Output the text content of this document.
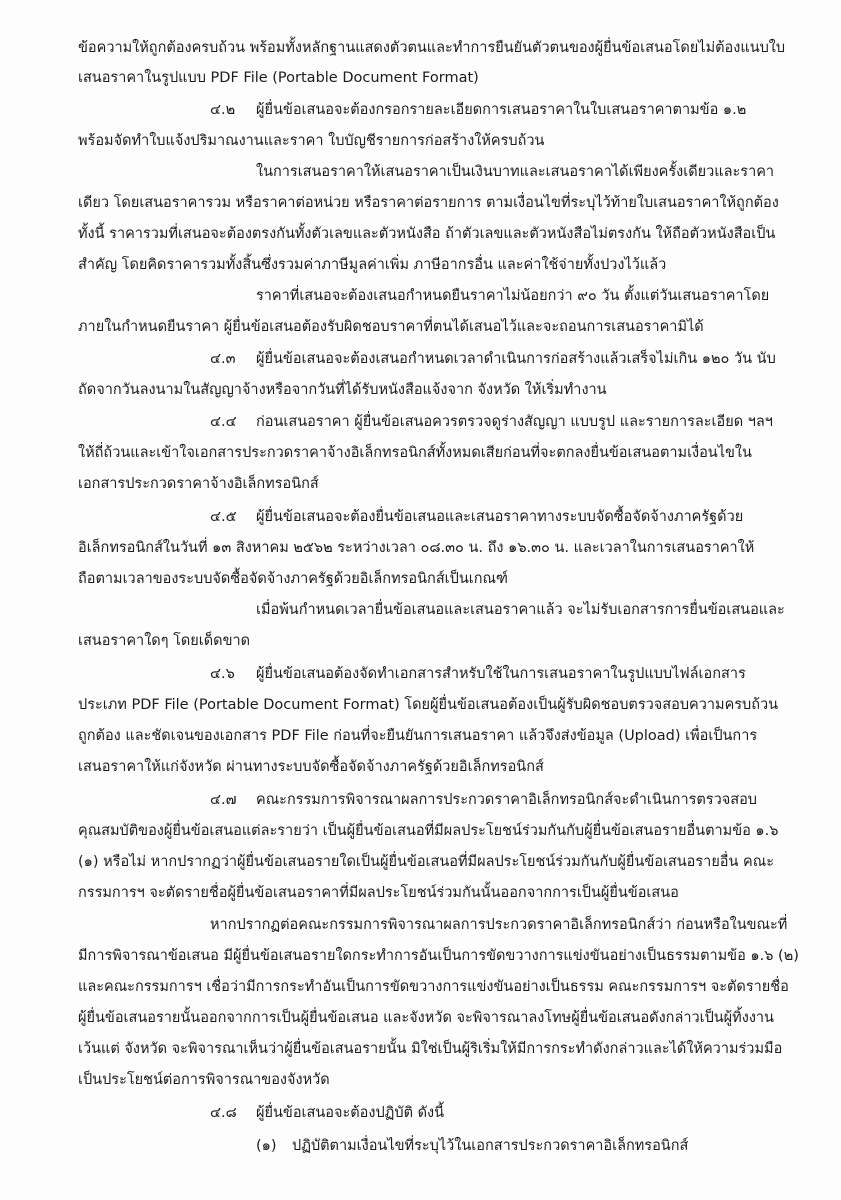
ข้อความให้ถูกต้องครบถ้วน พร้อมทั้งหลักฐานแสดงตัวตนและทำการยืนยันตัวตนของผู้ยื่นข้อเสนอโดยไม่ต้องแนบใบ
เสนอราคาในรูปแบบ PDF File (Portable Document Format)
๔.๒ ผู้ยื่นข้อเสนอจะต้องกรอกรายละเอียดการเสนอราคาในใบเสนอราคาตามข้อ ๑.๒
พร้อมจัดทำใบแจ้งปริมาณงานและราคา ใบบัญชีรายการก่อสร้างให้ครบถ้วน
ในการเสนอราคาให้เสนอราคาเป็นเงินบาทและเสนอราคาได้เพียงครั้งเดียวและราคา
เดียว โดยเสนอราคารวม หรือราคาต่อหน่วย หรือราคาต่อรายการ ตามเงื่อนไขที่ระบุไว้ท้ายใบเสนอราคาให้ถูกต้อง
ทั้งนี้ ราคารวมที่เสนอจะต้องตรงกันทั้งตัวเลขและตัวหนังสือ ถ้าตัวเลขและตัวหนังสือไม่ตรงกัน ให้ถือตัวหนังสือเป็น
สำคัญ โดยคิดราคารวมทั้งสิ้นซึ่งรวมค่าภาษีมูลค่าเพิ่ม ภาษีอากรอื่น และค่าใช้จ่ายทั้งปวงไว้แล้ว
ราคาที่เสนอจะต้องเสนอกำหนดยืนราคาไม่น้อยกว่า ๙๐ วัน ตั้งแต่วันเสนอราคาโดย
ภายในกำหนดยืนราคา ผู้ยื่นข้อเสนอต้องรับผิดชอบราคาที่ตนได้เสนอไว้และจะถอนการเสนอราคามิได้
๔.๓ ผู้ยื่นข้อเสนอจะต้องเสนอกำหนดเวลาดำเนินการก่อสร้างแล้วเสร็จไม่เกิน ๑๒๐ วัน นับ
ถัดจากวันลงนามในสัญญาจ้างหรือจากวันที่ได้รับหนังสือแจ้งจาก จังหวัด ให้เริ่มทำงาน
๔.๔ ก่อนเสนอราคา ผู้ยื่นข้อเสนอควรตรวจดูร่างสัญญา แบบรูป และรายการละเอียด ฯลฯ
ให้ถี่ถ้วนและเข้าใจเอกสารประกวดราคาจ้างอิเล็กทรอนิกส์ทั้งหมดเสียก่อนที่จะตกลงยื่นข้อเสนอตามเงื่อนไขใน
เอกสารประกวดราคาจ้างอิเล็กทรอนิกส์
๔.๕ ผู้ยื่นข้อเสนอจะต้องยื่นข้อเสนอและเสนอราคาทางระบบจัดซื้อจัดจ้างภาครัฐด้วย
อิเล็กทรอนิกส์ในวันที่ ๑๓ สิงหาคม ๒๕๖๒ ระหว่างเวลา ๐๘.๓๐ น. ถึง ๑๖.๓๐ น. และเวลาในการเสนอราคาให้
ถือตามเวลาของระบบจัดซื้อจัดจ้างภาครัฐด้วยอิเล็กทรอนิกส์เป็นเกณฑ์
เมื่อพ้นกำหนดเวลายื่นข้อเสนอและเสนอราคาแล้ว จะไม่รับเอกสารการยื่นข้อเสนอและ
เสนอราคาใดๆ โดยเด็ดขาด
๔.๖ ผู้ยื่นข้อเสนอต้องจัดทำเอกสารสำหรับใช้ในการเสนอราคาในรูปแบบไฟล์เอกสาร
ประเภท PDF File (Portable Document Format) โดยผู้ยื่นข้อเสนอต้องเป็นผู้รับผิดชอบตรวจสอบความครบถ้วน
ถูกต้อง และชัดเจนของเอกสาร PDF File ก่อนที่จะยืนยันการเสนอราคา แล้วจึงส่งข้อมูล (Upload) เพื่อเป็นการ
เสนอราคาให้แก่จังหวัด ผ่านทางระบบจัดซื้อจัดจ้างภาครัฐด้วยอิเล็กทรอนิกส์
๔.๗ คณะกรรมการพิจารณาผลการประกวดราคาอิเล็กทรอนิกส์จะดำเนินการตรวจสอบ
คุณสมบัติของผู้ยื่นข้อเสนอแต่ละรายว่า เป็นผู้ยื่นข้อเสนอที่มีผลประโยชน์ร่วมกันกับผู้ยื่นข้อเสนอรายอื่นตามข้อ ๑.๖
(๑) หรือไม่ หากปรากฏว่าผู้ยื่นข้อเสนอรายใดเป็นผู้ยื่นข้อเสนอที่มีผลประโยชน์ร่วมกันกับผู้ยื่นข้อเสนอรายอื่น คณะ
กรรมการฯ จะตัดรายชื่อผู้ยื่นข้อเสนอราคาที่มีผลประโยชน์ร่วมกันนั้นออกจากการเป็นผู้ยื่นข้อเสนอ
หากปรากฏต่อคณะกรรมการพิจารณาผลการประกวดราคาอิเล็กทรอนิกส์ว่า ก่อนหรือในขณะที่
มีการพิจารณาข้อเสนอ มีผู้ยื่นข้อเสนอรายใดกระทำการอันเป็นการขัดขวางการแข่งขันอย่างเป็นธรรมตามข้อ ๑.๖ (๒)
และคณะกรรมการฯ เชื่อว่ามีการกระทำอันเป็นการขัดขวางการแข่งขันอย่างเป็นธรรม คณะกรรมการฯ จะตัดรายชื่อ
ผู้ยื่นข้อเสนอรายนั้นออกจากการเป็นผู้ยื่นข้อเสนอ และจังหวัด จะพิจารณาลงโทษผู้ยื่นข้อเสนอดังกล่าวเป็นผู้ทิ้งงาน
เว้นแต่ จังหวัด จะพิจารณาเห็นว่าผู้ยื่นข้อเสนอรายนั้น มิใช่เป็นผู้ริเริ่มให้มีการกระทำดังกล่าวและได้ให้ความร่วมมือ
เป็นประโยชน์ต่อการพิจารณาของจังหวัด
๔.๘ ผู้ยื่นข้อเสนอจะต้องปฏิบัติ ดังนี้
(๑) ปฏิบัติตามเงื่อนไขที่ระบุไว้ในเอกสารประกวดราคาอิเล็กทรอนิกส์
